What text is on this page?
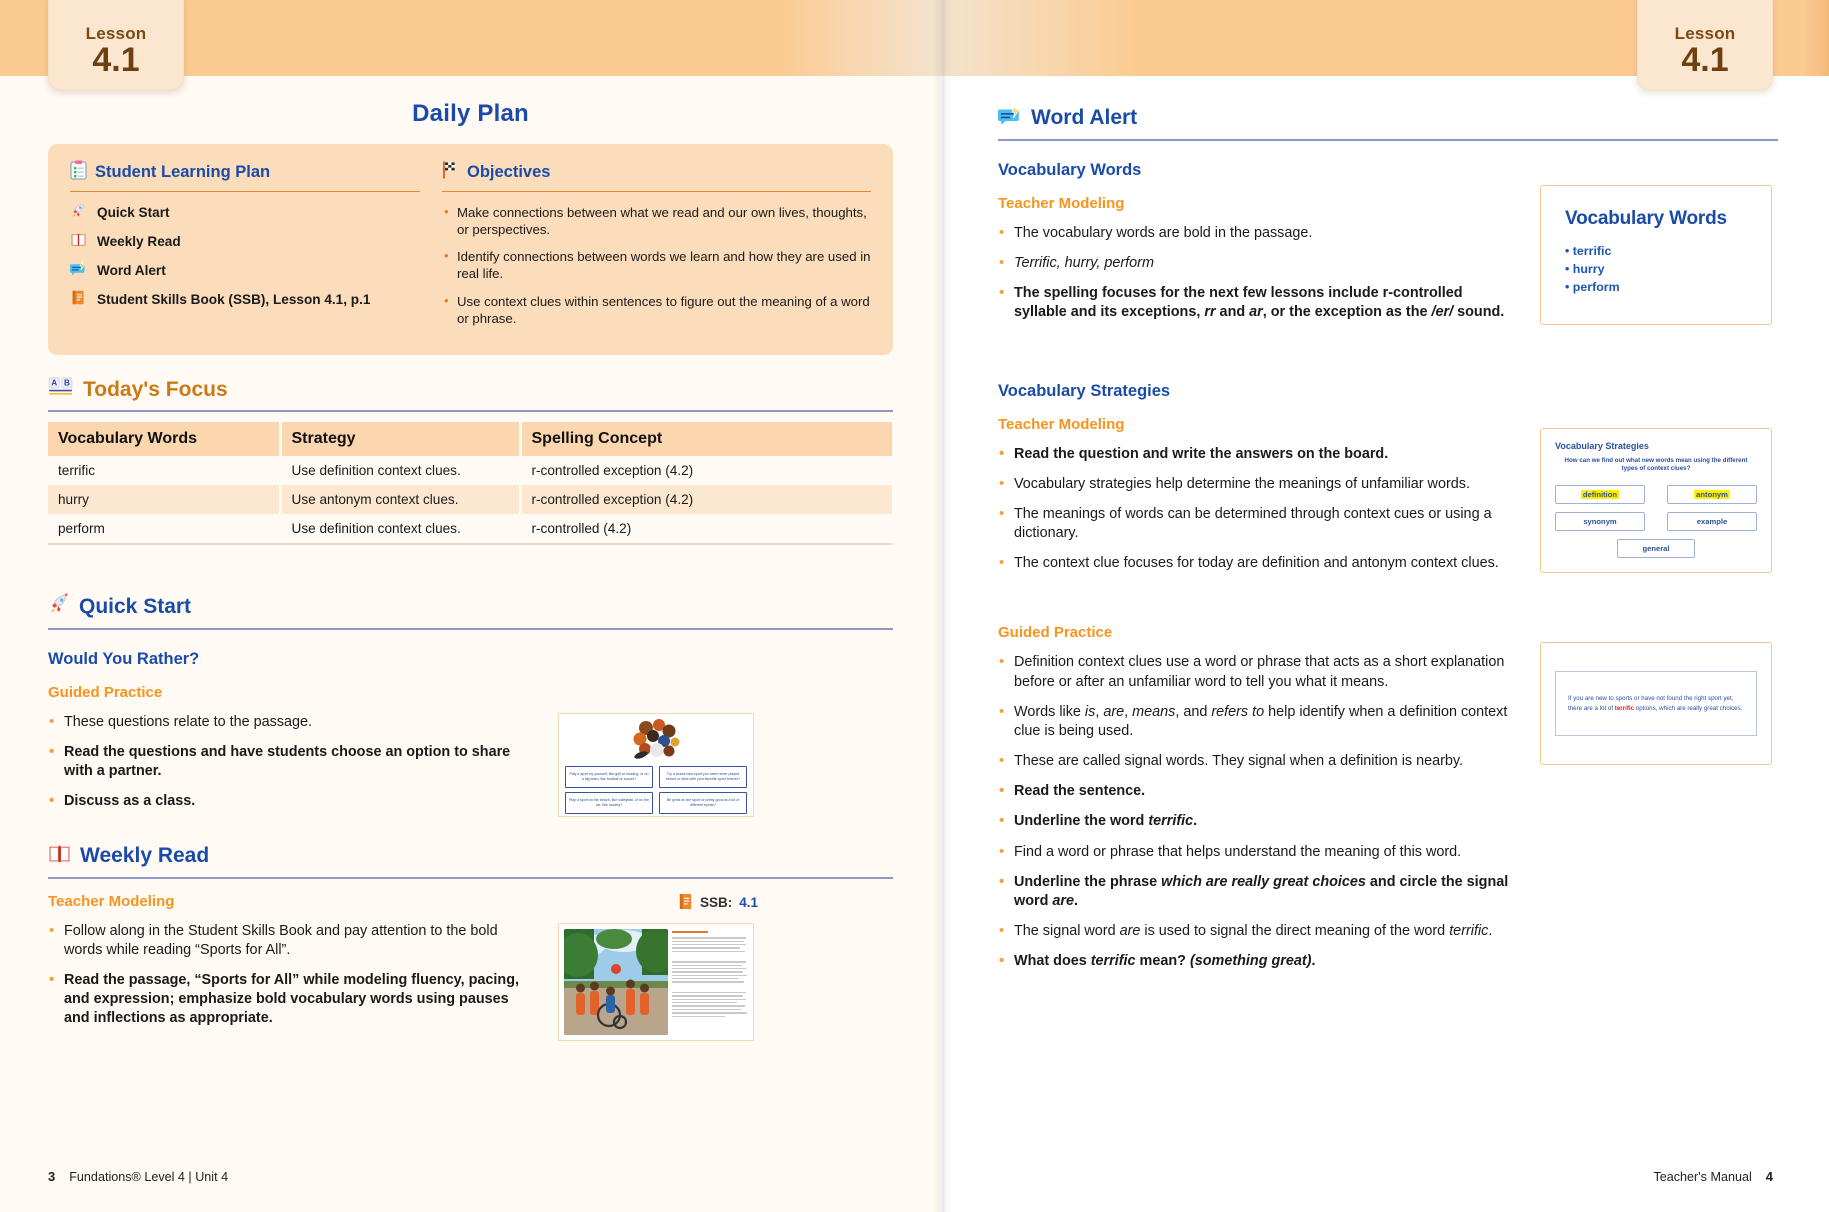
Lesson
4.1
Daily Plan
Student Learning Plan
Quick Start
Weekly Read
Word Alert
Student Skills Book (SSB), Lesson 4.1, p.1
Objectives
• Make connections between what we read and our own lives, thoughts, or perspectives.
• Identify connections between words we learn and how they are used in real life.
• Use context clues within sentences to figure out the meaning of a word or phrase.
A B Today's Focus
Vocabulary Words	Strategy	Spelling Concept
terrific	Use definition context clues.	r-controlled exception (4.2)
hurry	Use antonym context clues.	r-controlled exception (4.2)
perform	Use definition context clues.	r-controlled (4.2)
Quick Start
Would You Rather?
Guided Practice
• These questions relate to the passage.
• Read the questions and have students choose an option to share with a partner.
• Discuss as a class.
Play a sport by yourself, like golf or bowling, or on a big team, like football or soccer?
Try a brand-new sport you have never played before or stick with your favorite sport forever?
Play a sport on the beach, like volleyball, or on the ice, like hockey?
Be great at one sport or pretty good at a lot of different sports?
Weekly Read
Teacher Modeling
• Follow along in the Student Skills Book and pay attention to the bold words while reading “Sports for All”.
• Read the passage, “Sports for All” while modeling fluency, pacing, and expression; emphasize bold vocabulary words using pauses and inflections as appropriate.
SSB: 4.1
3 Fundations® Level 4 | Unit 4
Lesson
4.1
Word Alert
Vocabulary Words
Teacher Modeling
• The vocabulary words are bold in the passage.
• Terrific, hurry, perform
• The spelling focuses for the next few lessons include r-controlled syllable and its exceptions, rr and ar, or the exception as the /er/ sound.
Vocabulary Words
• terrific
• hurry
• perform
Vocabulary Strategies
Teacher Modeling
• Read the question and write the answers on the board.
• Vocabulary strategies help determine the meanings of unfamiliar words.
• The meanings of words can be determined through context cues or using a dictionary.
• The context clue focuses for today are definition and antonym context clues.
Vocabulary Strategies
How can we find out what new words mean using the different types of context clues?
definition	antonym
synonym	example
general
Guided Practice
• Definition context clues use a word or phrase that acts as a short explanation before or after an unfamiliar word to tell you what it means.
• Words like is, are, means, and refers to help identify when a definition context clue is being used.
• These are called signal words. They signal when a definition is nearby.
• Read the sentence.
• Underline the word terrific.
• Find a word or phrase that helps understand the meaning of this word.
• Underline the phrase which are really great choices and circle the signal word are.
• The signal word are is used to signal the direct meaning of the word terrific.
• What does terrific mean? (something great).
If you are new to sports or have not found the right sport yet, there are a lot of terrific options, which are really great choices.
Teacher's Manual 4
